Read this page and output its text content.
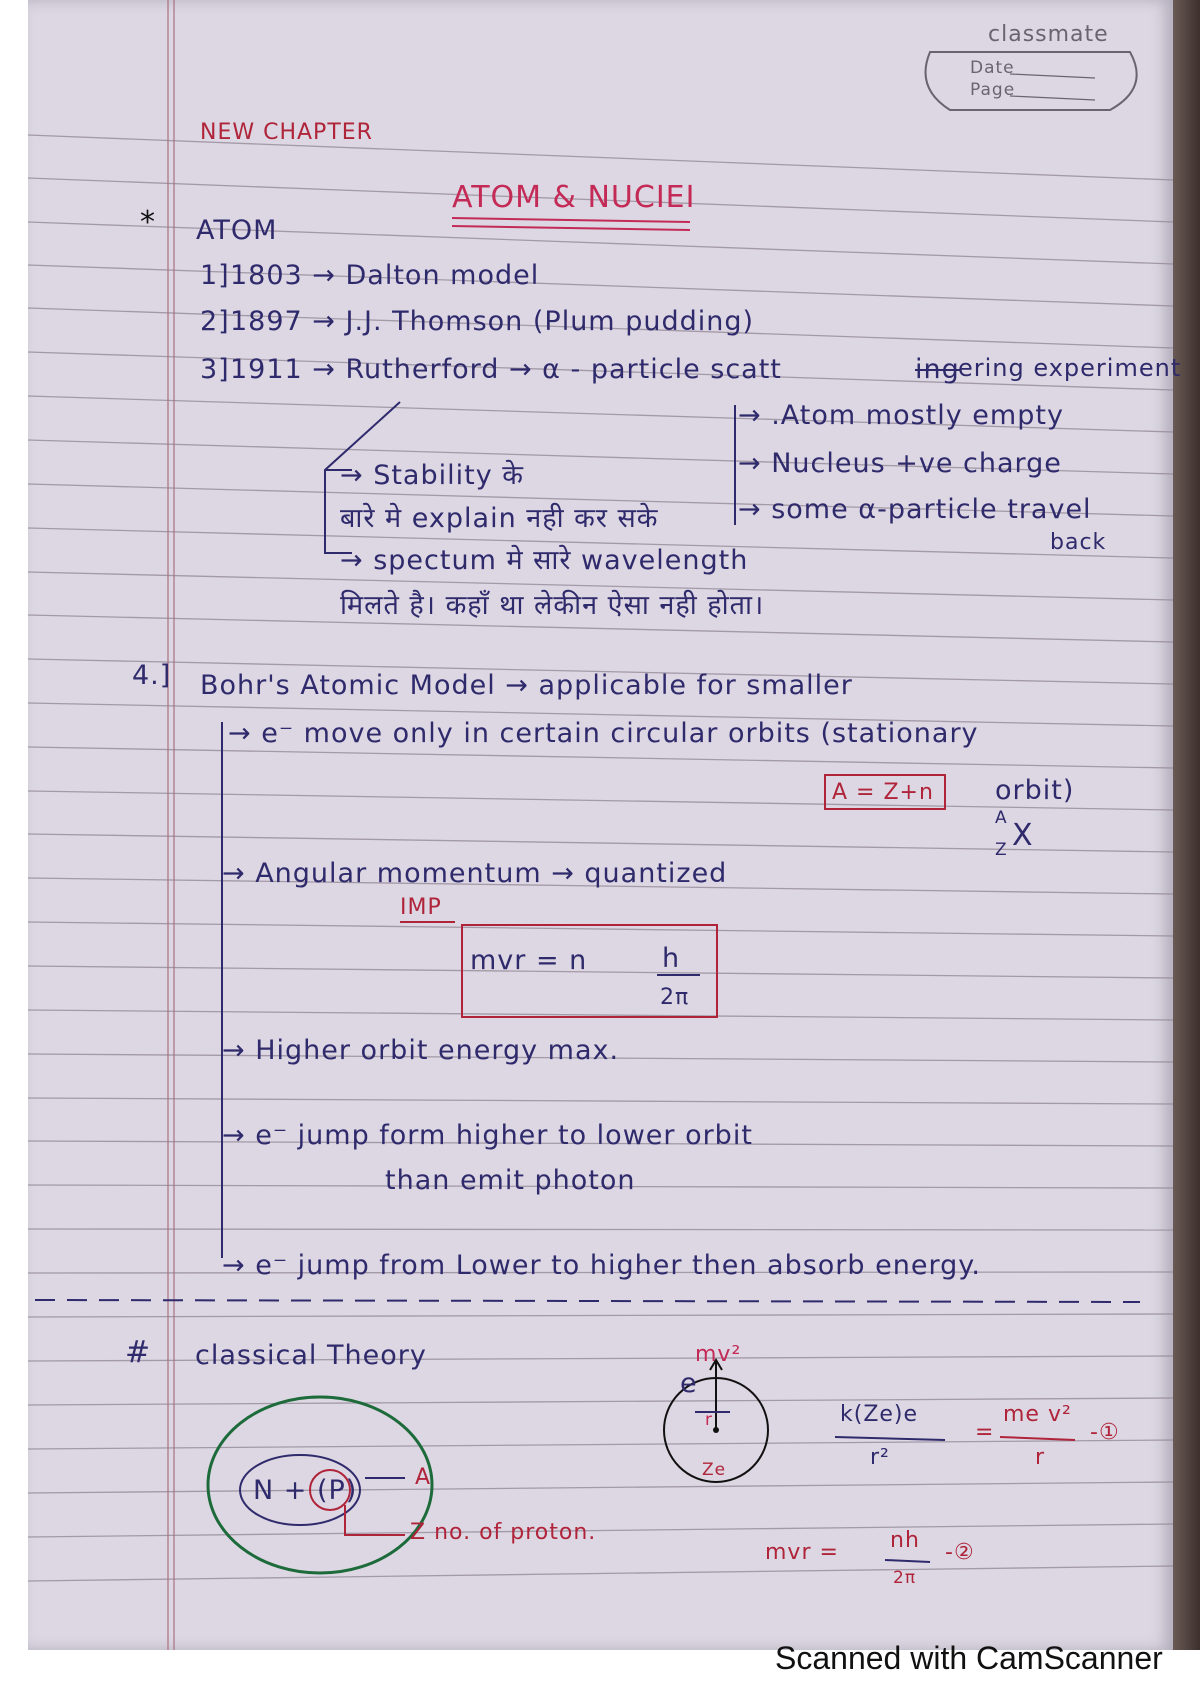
classmate
Date
Page
NEW CHAPTER
ATOM & NUCIEI
* ATOM
1] 1803 → Dalton model
2] 1897 → J.J. Thomson (Plum pudding)
3] 1911 → Rutherford → α - particle scatt	ing
ering experiment
→ .Atom mostly empty
→ Nucleus +ve charge
→ some α-particle travel
back
→ Stability के
बारे मे explain नही कर सके
→ spectum मे सारे wavelength
मिलते है। कहाँ था लेकीन ऐसा नही होता।
4.] Bohr's Atomic Model → applicable for smaller
→ e⁻ move only in certain circular orbits (stationary
orbit)
A = Z+n
A
Z X
→ Angular momentum → quantized
IMP
mvr = n	h
2π
→ Higher orbit energy max.
→ e⁻ jump form higher to lower orbit
than emit photon
→ e⁻ jump from Lower to higher then absorb energy.
# classical Theory
N + (P)	A
Z no. of proton.
e
mv²
r
Ze
k(Ze)e
r²
=
me v²
r
-①
mvr = nh
2π
-②
Scanned with CamScanner
